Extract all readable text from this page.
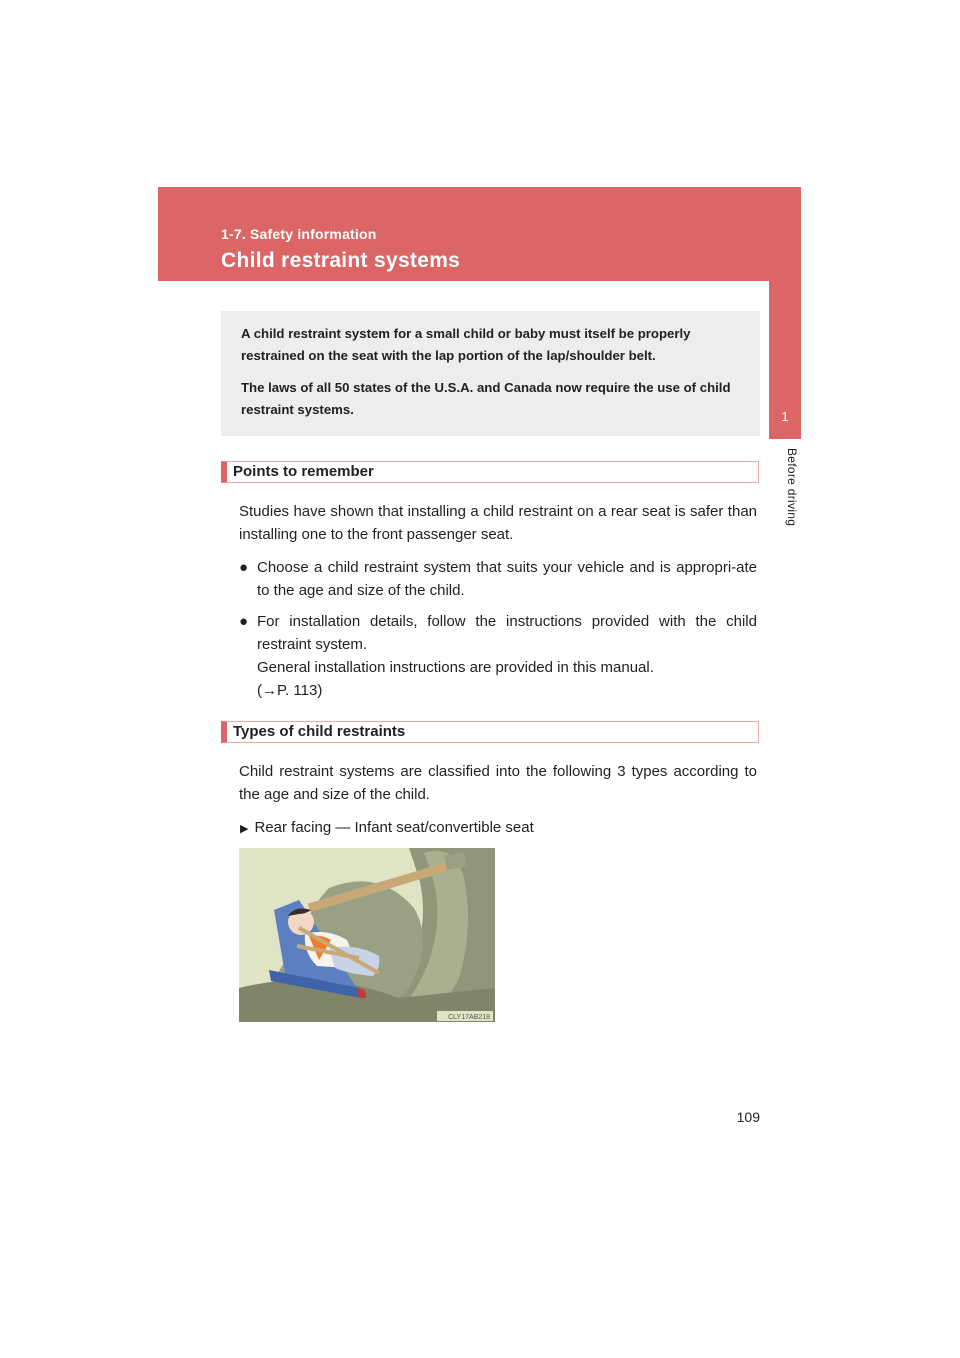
1-7. Safety information
Child restraint systems
1
Before driving

A child restraint system for a small child or baby must itself be properly restrained on the seat with the lap portion of the lap/shoulder belt.

The laws of all 50 states of the U.S.A. and Canada now require the use of child restraint systems.

Points to remember

Studies have shown that installing a child restraint on a rear seat is safer than installing one to the front passenger seat.

● Choose a child restraint system that suits your vehicle and is appropri-ate to the age and size of the child.
● For installation details, follow the instructions provided with the child restraint system.
General installation instructions are provided in this manual.
(→P. 113)
Types of child restraints

Child restraint systems are classified into the following 3 types according to the age and size of the child.

▶ Rear facing — Infant seat/convertible seat
CLY17AB218
109
